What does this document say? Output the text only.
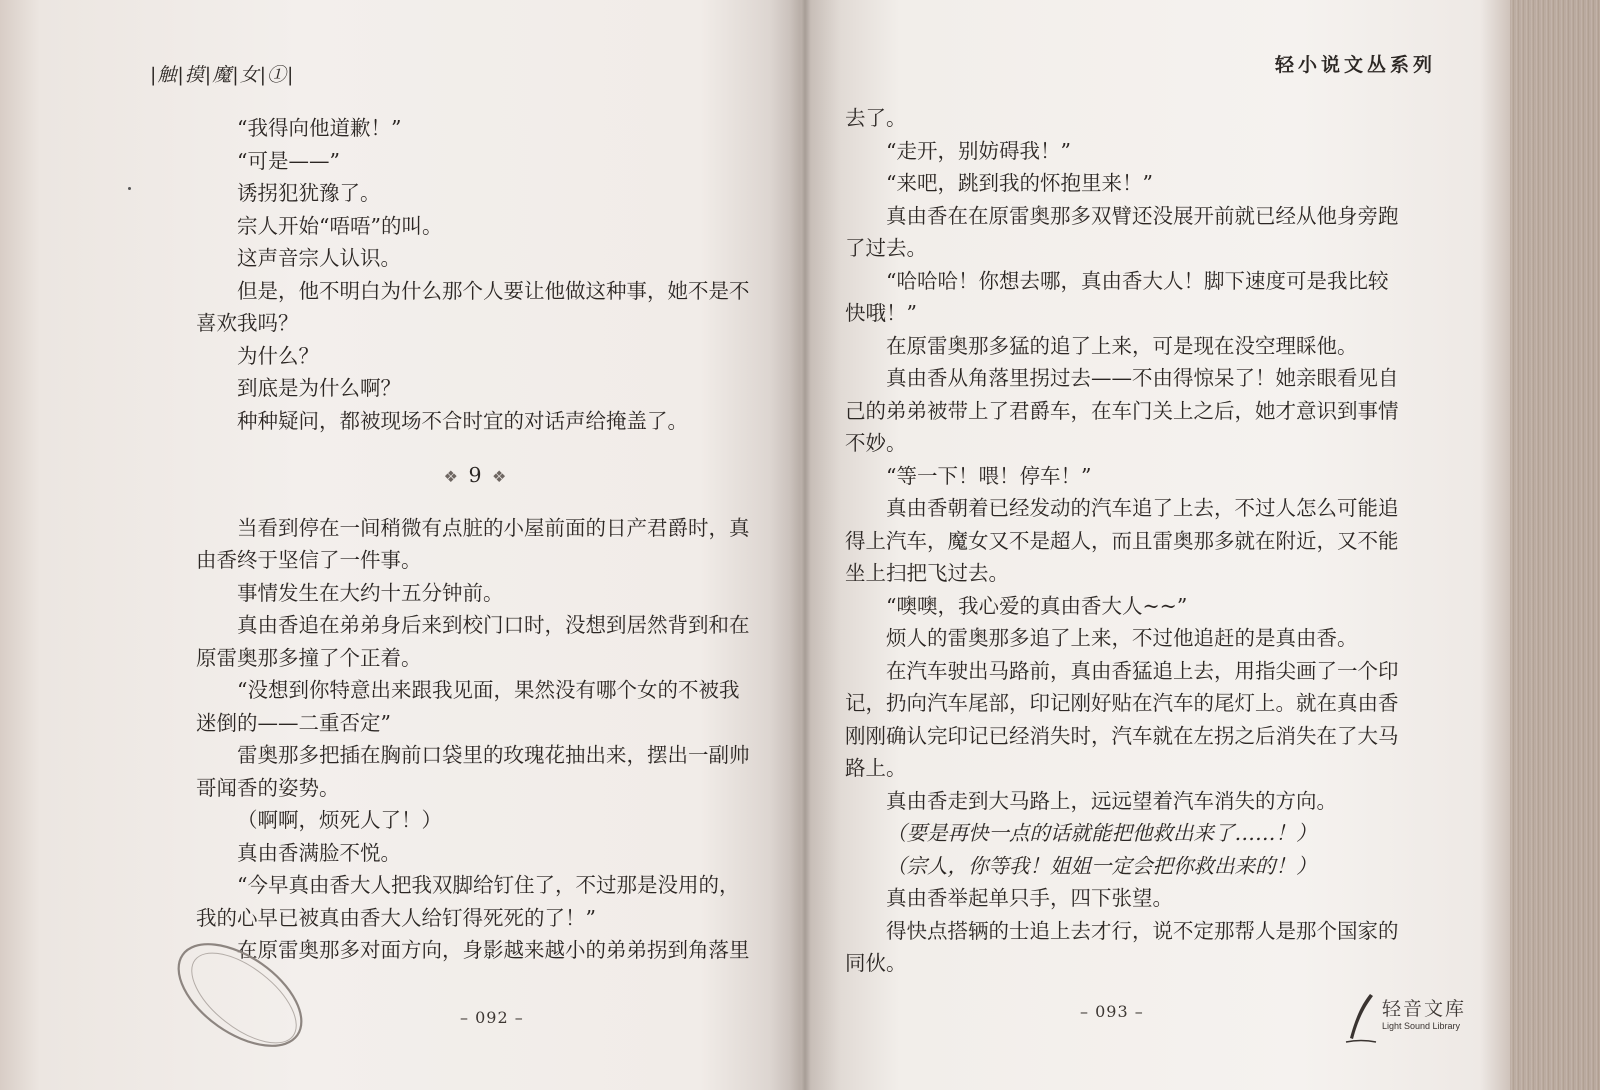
|触|摸|魔|女|①|
“我得向他道歉！”
“可是——”
诱拐犯犹豫了。
宗人开始“唔唔”的叫。
这声音宗人认识。
但是，他不明白为什么那个人要让他做这种事，她不是不
喜欢我吗？
为什么？
到底是为什么啊？
种种疑问，都被现场不合时宜的对话声给掩盖了。
❖ 9 ❖
当看到停在一间稍微有点脏的小屋前面的日产君爵时，真
由香终于坚信了一件事。
事情发生在大约十五分钟前。
真由香追在弟弟身后来到校门口时，没想到居然背到和在
原雷奥那多撞了个正着。
“没想到你特意出来跟我见面，果然没有哪个女的不被我
迷倒的——二重否定”
雷奥那多把插在胸前口袋里的玫瑰花抽出来，摆出一副帅
哥闻香的姿势。
（啊啊，烦死人了！）
真由香满脸不悦。
“今早真由香大人把我双脚给钉住了，不过那是没用的，
我的心早已被真由香大人给钉得死死的了！”
在原雷奥那多对面方向，身影越来越小的弟弟拐到角落里
– 092 –
轻小说文丛系列
去了。
“走开，别妨碍我！”
“来吧，跳到我的怀抱里来！”
真由香在在原雷奥那多双臂还没展开前就已经从他身旁跑
了过去。
“哈哈哈！你想去哪，真由香大人！脚下速度可是我比较
快哦！”
在原雷奥那多猛的追了上来，可是现在没空理睬他。
真由香从角落里拐过去——不由得惊呆了！她亲眼看见自
己的弟弟被带上了君爵车，在车门关上之后，她才意识到事情
不妙。
“等一下！喂！停车！”
真由香朝着已经发动的汽车追了上去，不过人怎么可能追
得上汽车，魔女又不是超人，而且雷奥那多就在附近，又不能
坐上扫把飞过去。
“噢噢，我心爱的真由香大人~~”
烦人的雷奥那多追了上来，不过他追赶的是真由香。
在汽车驶出马路前，真由香猛追上去，用指尖画了一个印
记，扔向汽车尾部，印记刚好贴在汽车的尾灯上。就在真由香
刚刚确认完印记已经消失时，汽车就在左拐之后消失在了大马
路上。
真由香走到大马路上，远远望着汽车消失的方向。
（要是再快一点的话就能把他救出来了……！）
（宗人，你等我！姐姐一定会把你救出来的！）
真由香举起单只手，四下张望。
得快点搭辆的士追上去才行，说不定那帮人是那个国家的
同伙。
– 093 –	轻音文库
Light Sound Library
